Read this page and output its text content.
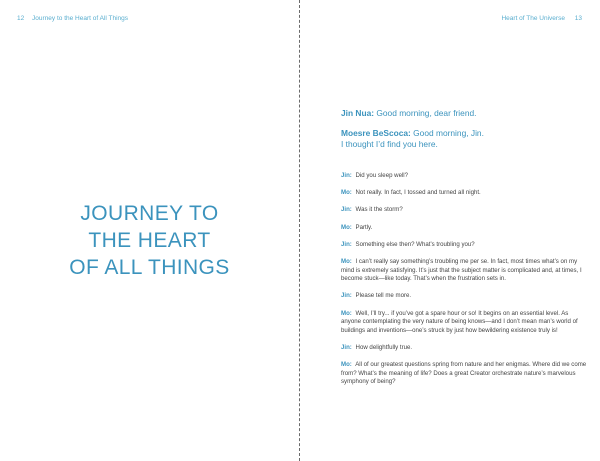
12 Journey to the Heart of All Things
JOURNEY TO
THE HEART
OF ALL THINGS
Heart of The Universe 13
Jin Nua: Good morning, dear friend.
Moesre BeScoca: Good morning, Jin.
I thought I’d find you here.

Jin: Did you sleep well?

Mo: Not really. In fact, I tossed and turned all night.

Jin: Was it the storm?

Mo: Partly.

Jin: Something else then? What’s troubling you?

Mo: I can’t really say something’s troubling me per se. In fact, most times what’s on my mind is extremely satisfying. It’s just that the subject matter is complicated and, at times, I become stuck—like today. That’s when the frustration sets in.

Jin: Please tell me more.

Mo: Well, I’ll try... if you’ve got a spare hour or so! It begins on an essential level. As anyone contemplating the very nature of being knows—and I don’t mean man’s world of buildings and inventions—one’s struck by just how bewildering existence truly is!

Jin: How delightfully true.

Mo: All of our greatest questions spring from nature and her enigmas. Where did we come from? What’s the meaning of life? Does a great Creator orchestrate nature’s marvelous symphony of being?
